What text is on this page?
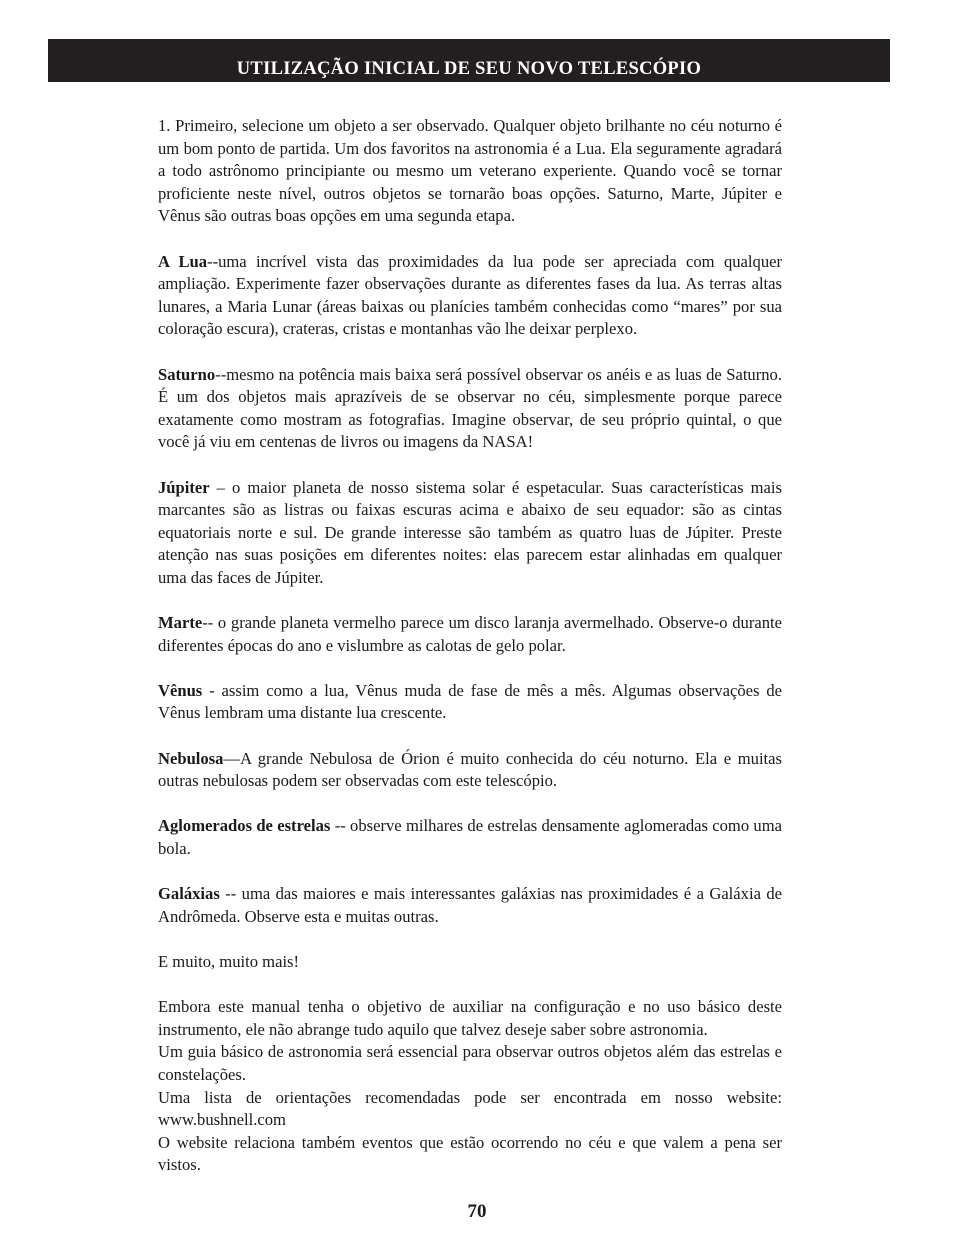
UTILIZAÇÃO INICIAL DE SEU NOVO TELESCÓPIO

1. Primeiro, selecione um objeto a ser observado. Qualquer objeto brilhante no céu noturno é um bom ponto de partida. Um dos favoritos na astronomia é a Lua. Ela seguramente agradará a todo astrônomo principiante ou mesmo um veterano experiente. Quando você se tornar proficiente neste nível, outros objetos se tornarão boas opções. Saturno, Marte, Júpiter e Vênus são outras boas opções em uma segunda etapa.

A Lua--uma incrível vista das proximidades da lua pode ser apreciada com qualquer ampliação. Experimente fazer observações durante as diferentes fases da lua. As terras altas lunares, a Maria Lunar (áreas baixas ou planícies também conhecidas como “mares” por sua coloração escura), crateras, cristas e montanhas vão lhe deixar perplexo.

Saturno--mesmo na potência mais baixa será possível observar os anéis e as luas de Saturno. É um dos objetos mais aprazíveis de se observar no céu, simplesmente porque parece exatamente como mostram as fotografias. Imagine observar, de seu próprio quintal, o que você já viu em centenas de livros ou imagens da NASA!

Júpiter – o maior planeta de nosso sistema solar é espetacular. Suas características mais marcantes são as listras ou faixas escuras acima e abaixo de seu equador: são as cintas equatoriais norte e sul. De grande interesse são também as quatro luas de Júpiter. Preste atenção nas suas posições em diferentes noites: elas parecem estar alinhadas em qualquer uma das faces de Júpiter.

Marte-- o grande planeta vermelho parece um disco laranja avermelhado. Observe-o durante diferentes épocas do ano e vislumbre as calotas de gelo polar.

Vênus - assim como a lua, Vênus muda de fase de mês a mês. Algumas observações de Vênus lembram uma distante lua crescente.

Nebulosa—A grande Nebulosa de Órion é muito conhecida do céu noturno. Ela e muitas outras nebulosas podem ser observadas com este telescópio.

Aglomerados de estrelas -- observe milhares de estrelas densamente aglomeradas como uma bola.

Galáxias -- uma das maiores e mais interessantes galáxias nas proximidades é a Galáxia de Andrômeda. Observe esta e muitas outras.

E muito, muito mais!

Embora este manual tenha o objetivo de auxiliar na configuração e no uso básico deste instrumento, ele não abrange tudo aquilo que talvez deseje saber sobre astronomia.
Um guia básico de astronomia será essencial para observar outros objetos além das estrelas e constelações.
Uma lista de orientações recomendadas pode ser encontrada em nosso website: www.bushnell.com
O website relaciona também eventos que estão ocorrendo no céu e que valem a pena ser vistos.

70
